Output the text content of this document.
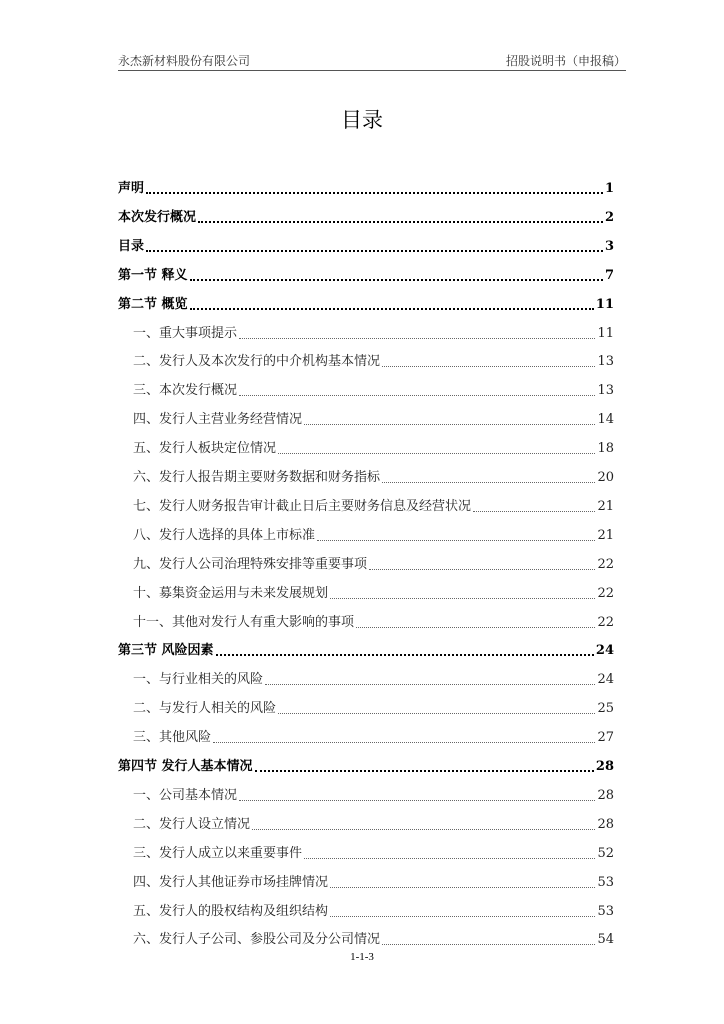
永杰新材料股份有限公司	招股说明书（申报稿）
目录
声明	1
本次发行概况	2
目录	3
第一节 释义	7
第二节 概览	11
一、重大事项提示	11
二、发行人及本次发行的中介机构基本情况	13
三、本次发行概况	13
四、发行人主营业务经营情况	14
五、发行人板块定位情况	18
六、发行人报告期主要财务数据和财务指标	20
七、发行人财务报告审计截止日后主要财务信息及经营状况	21
八、发行人选择的具体上市标准	21
九、发行人公司治理特殊安排等重要事项	22
十、募集资金运用与未来发展规划	22
十一、其他对发行人有重大影响的事项	22
第三节 风险因素	24
一、与行业相关的风险	24
二、与发行人相关的风险	25
三、其他风险	27
第四节 发行人基本情况	28
一、公司基本情况	28
二、发行人设立情况	28
三、发行人成立以来重要事件	52
四、发行人其他证券市场挂牌情况	53
五、发行人的股权结构及组织结构	53
六、发行人子公司、参股公司及分公司情况	54
1-1-3
